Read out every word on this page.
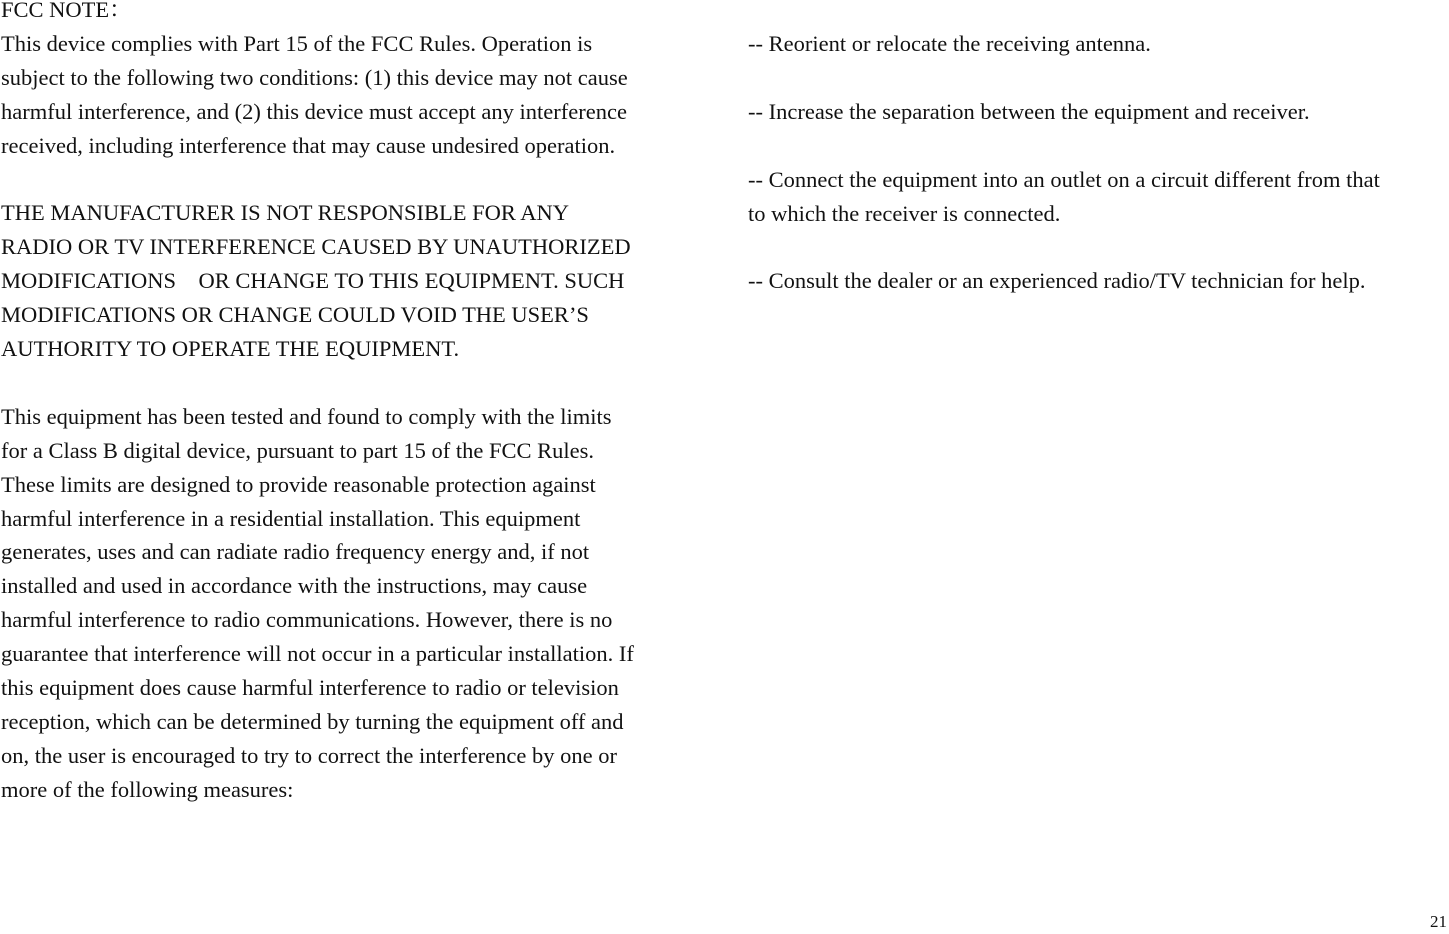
FCC NOTE：

This device complies with Part 15 of the FCC Rules. Operation is
subject to the following two conditions: (1) this device may not cause
harmful interference, and (2) this device must accept any interference
received, including interference that may cause undesired operation.

THE MANUFACTURER IS NOT RESPONSIBLE FOR ANY
RADIO OR TV INTERFERENCE CAUSED BY UNAUTHORIZED
MODIFICATIONS    OR CHANGE TO THIS EQUIPMENT. SUCH
MODIFICATIONS OR CHANGE COULD VOID THE USER’S
AUTHORITY TO OPERATE THE EQUIPMENT.

This equipment has been tested and found to comply with the limits
for a Class B digital device, pursuant to part 15 of the FCC Rules.
These limits are designed to provide reasonable protection against
harmful interference in a residential installation. This equipment
generates, uses and can radiate radio frequency energy and, if not
installed and used in accordance with the instructions, may cause
harmful interference to radio communications. However, there is no
guarantee that interference will not occur in a particular installation. If
this equipment does cause harmful interference to radio or television
reception, which can be determined by turning the equipment off and
on, the user is encouraged to try to correct the interference by one or
more of the following measures:

-- Reorient or relocate the receiving antenna.

-- Increase the separation between the equipment and receiver.

-- Connect the equipment into an outlet on a circuit different from that
to which the receiver is connected.

-- Consult the dealer or an experienced radio/TV technician for help.

21
